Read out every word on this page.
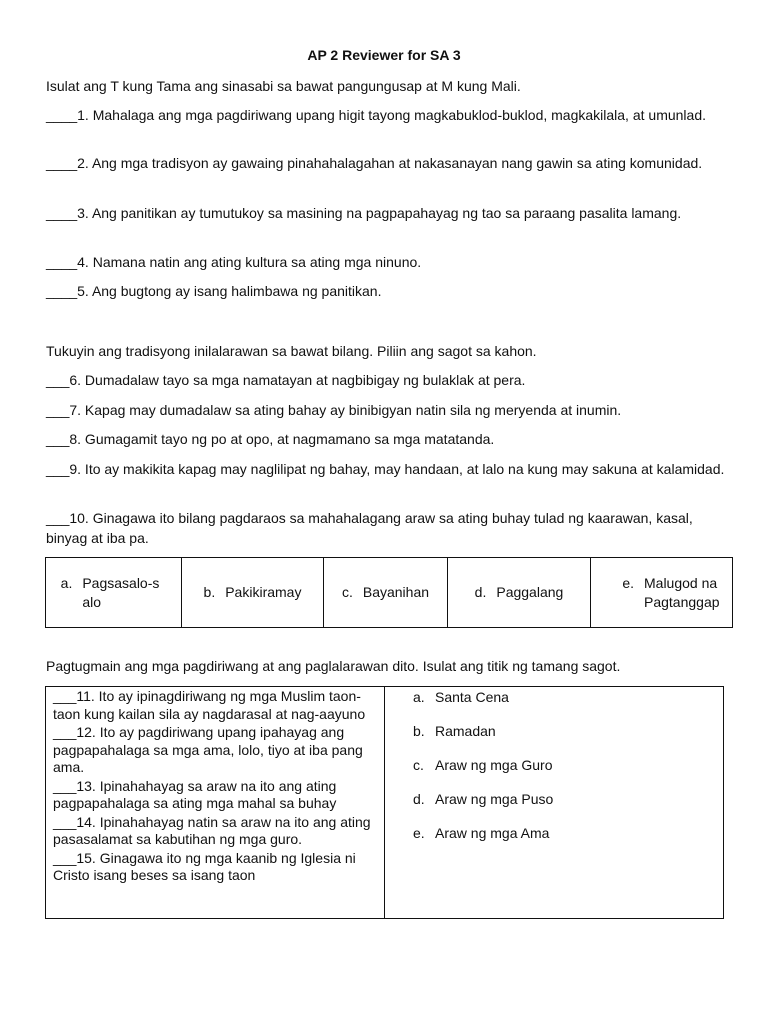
AP 2 Reviewer for SA 3
Isulat ang T kung Tama ang sinasabi sa bawat pangungusap at M kung Mali.
____1. Mahalaga ang mga pagdiriwang upang higit tayong magkabuklod-buklod, magkakilala, at umunlad.
____2. Ang mga tradisyon ay gawaing pinahahalagahan at nakasanayan nang gawin sa ating komunidad.
____3. Ang panitikan ay tumutukoy sa masining na pagpapahayag ng tao sa paraang pasalita lamang.
____4. Namana natin ang ating kultura sa ating mga ninuno.
____5. Ang bugtong ay isang halimbawa ng panitikan.
Tukuyin ang tradisyong inilalarawan sa bawat bilang. Piliin ang sagot sa kahon.
___6. Dumadalaw tayo sa mga namatayan at nagbibigay ng bulaklak at pera.
___7. Kapag may dumadalaw sa ating bahay ay binibigyan natin sila ng meryenda at inumin.
___8. Gumagamit tayo ng po at opo, at nagmamano sa mga matatanda.
___9. Ito ay makikita kapag may naglilipat ng bahay, may handaan, at lalo na kung may sakuna at kalamidad.
___10. Ginagawa ito bilang pagdaraos sa mahahalagang araw sa ating buhay tulad ng kaarawan, kasal, binyag at iba pa.
a. Pagsasalo-salo
	b. Pakikiramay	c. Bayanihan	d. Paggalang	
e. Malugod na Pagtanggap
Pagtugmain ang mga pagdiriwang at ang paglalarawan dito. Isulat ang titik ng tamang sagot.
___11. Ito ay ipinagdiriwang ng mga Muslim taon-taon kung kailan sila ay nagdarasal at nag-aayuno
___12. Ito ay pagdiriwang upang ipahayag ang pagpapahalaga sa mga ama, lolo, tiyo at iba pang ama.
___13. Ipinahahayag sa araw na ito ang ating pagpapahalaga sa ating mga mahal sa buhay
___14. Ipinahahayag natin sa araw na ito ang ating pasasalamat sa kabutihan ng mga guro.
___15. Ginagawa ito ng mga kaanib ng Iglesia ni Cristo isang beses sa isang taon

a. Santa Cena
b. Ramadan
c. Araw ng mga Guro
d. Araw ng mga Puso
e. Araw ng mga Ama
